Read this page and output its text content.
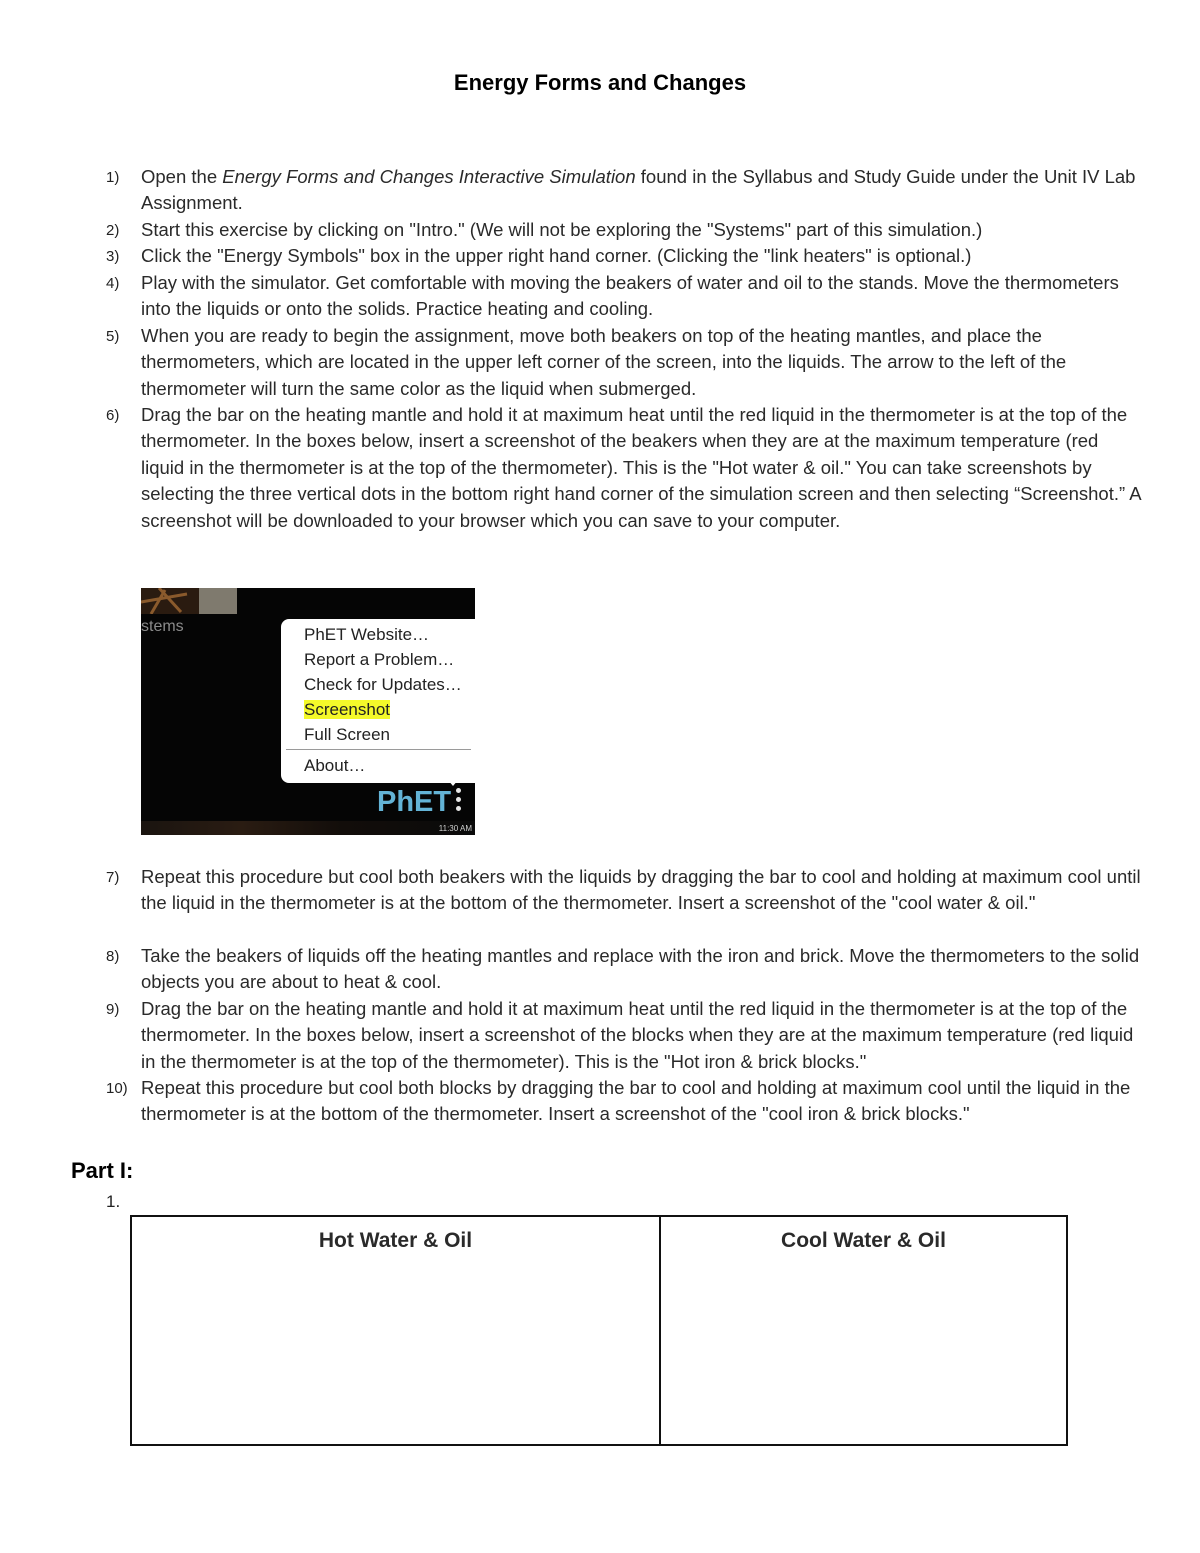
Energy Forms and Changes
1) Open the Energy Forms and Changes Interactive Simulation found in the Syllabus and Study Guide under the Unit IV Lab Assignment.
2) Start this exercise by clicking on "Intro." (We will not be exploring the "Systems" part of this simulation.)
3) Click the "Energy Symbols" box in the upper right hand corner. (Clicking the "link heaters" is optional.)
4) Play with the simulator. Get comfortable with moving the beakers of water and oil to the stands. Move the thermometers into the liquids or onto the solids. Practice heating and cooling.
5) When you are ready to begin the assignment, move both beakers on top of the heating mantles, and place the thermometers, which are located in the upper left corner of the screen, into the liquids. The arrow to the left of the thermometer will turn the same color as the liquid when submerged.
6) Drag the bar on the heating mantle and hold it at maximum heat until the red liquid in the thermometer is at the top of the thermometer. In the boxes below, insert a screenshot of the beakers when they are at the maximum temperature (red liquid in the thermometer is at the top of the thermometer). This is the "Hot water & oil." You can take screenshots by selecting the three vertical dots in the bottom right hand corner of the simulation screen and then selecting “Screenshot.” A screenshot will be downloaded to your browser which you can save to your computer.
stems	PhET Website…
Report a Problem…
Check for Updates…
Screenshot
Full Screen
About…
PhET
11:30 AM
7) Repeat this procedure but cool both beakers with the liquids by dragging the bar to cool and holding at maximum cool until the liquid in the thermometer is at the bottom of the thermometer. Insert a screenshot of the "cool water & oil."
8) Take the beakers of liquids off the heating mantles and replace with the iron and brick. Move the thermometers to the solid objects you are about to heat & cool.
9) Drag the bar on the heating mantle and hold it at maximum heat until the red liquid in the thermometer is at the top of the thermometer. In the boxes below, insert a screenshot of the blocks when they are at the maximum temperature (red liquid in the thermometer is at the top of the thermometer). This is the "Hot iron & brick blocks."
10) Repeat this procedure but cool both blocks by dragging the bar to cool and holding at maximum cool until the liquid in the thermometer is at the bottom of the thermometer. Insert a screenshot of the "cool iron & brick blocks."
Part I:
1.
Hot Water & Oil	Cool Water & Oil
